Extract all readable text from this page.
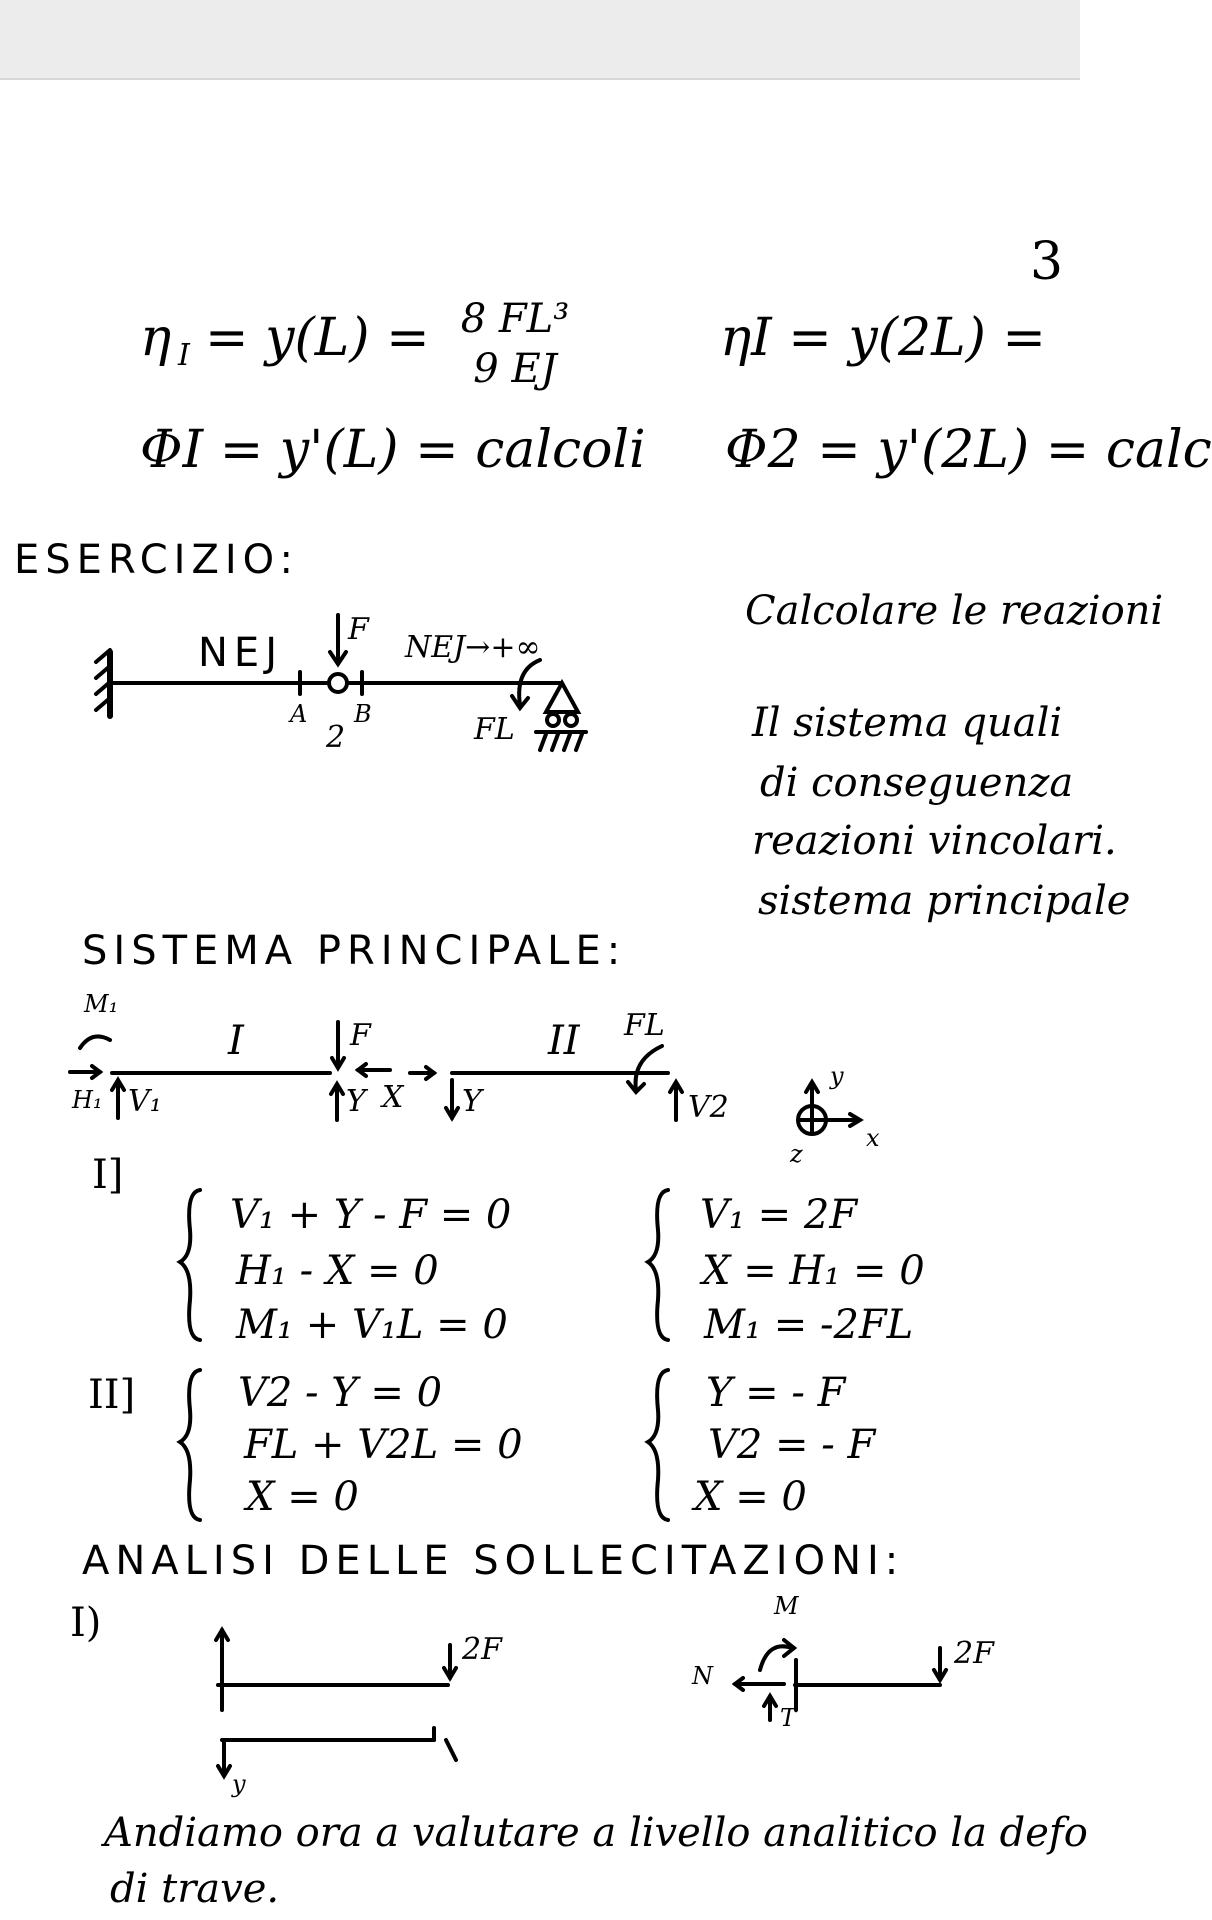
3
η I = y(L) = 8 FL³
9 EJ
ηI = y(2L) =
ΦI = y'(L) = calcoli Φ2 = y'(2L) = calc
ESERCIZIO:
Calcolare le reazioni
Il sistema quali
di conseguenza
reazioni vincolari.
sistema principale
NEJ
F
NEJ→+∞
A B
2	FL
SISTEMA PRINCIPALE:
M₁
H₁ V₁
I	F
Y X Y
II FL
V2
y
x
z
I]
V₁ + Y - F = 0
H₁ - X = 0
M₁ + V₁L = 0
V₁ = 2F
X = H₁ = 0
M₁ = -2FL
II]	V2 - Y = 0
FL + V2L = 0
X = 0
Y = - F
V2 = - F
X = 0
ANALISI DELLE SOLLECITAZIONI:
I)
2F	2F
N
M
T
y
Andiamo ora a valutare a livello analitico la defo
di trave.
